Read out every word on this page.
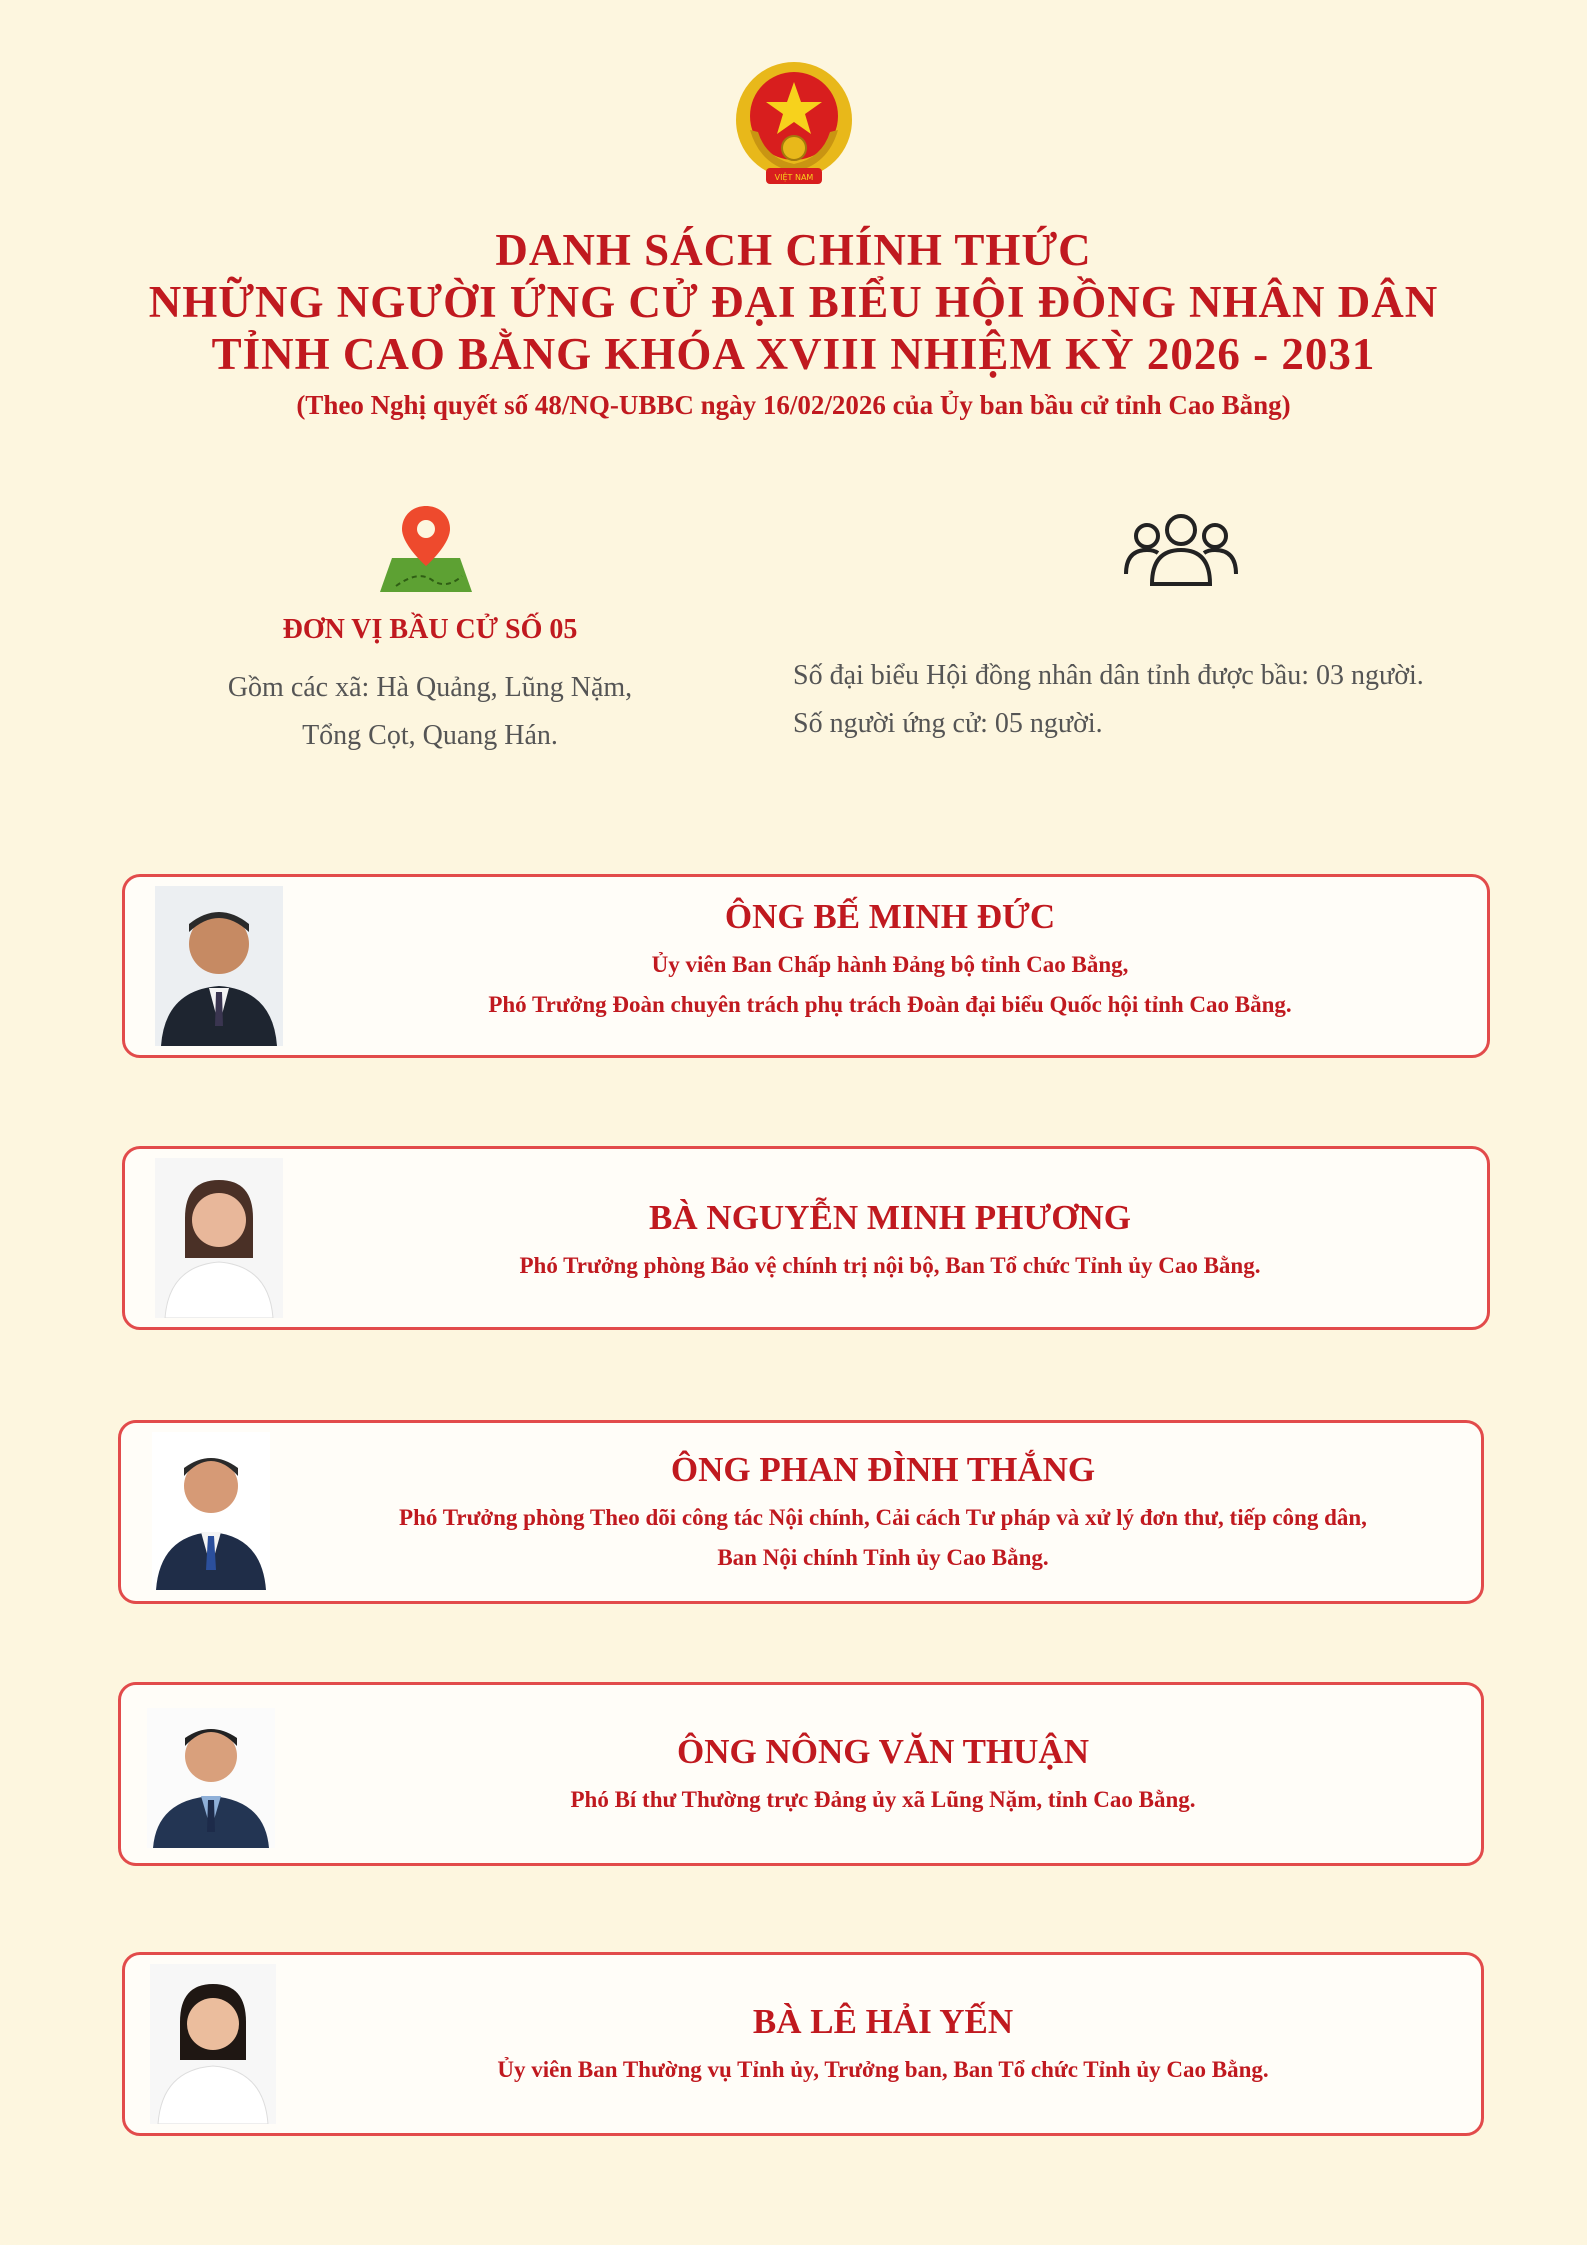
VIỆT NAM
DANH SÁCH CHÍNH THỨC
NHỮNG NGƯỜI ỨNG CỬ ĐẠI BIỂU HỘI ĐỒNG NHÂN DÂN
TỈNH CAO BẰNG KHÓA XVIII NHIỆM KỲ 2026 - 2031
(Theo Nghị quyết số 48/NQ-UBBC ngày 16/02/2026 của Ủy ban bầu cử tỉnh Cao Bằng)
ĐƠN VỊ BẦU CỬ SỐ 05
Gồm các xã: Hà Quảng, Lũng Nặm,
Tổng Cọt, Quang Hán.
Số đại biểu Hội đồng nhân dân tỉnh được bầu: 03 người.
Số người ứng cử: 05 người.
ÔNG BẾ MINH ĐỨC
Ủy viên Ban Chấp hành Đảng bộ tỉnh Cao Bằng,
Phó Trưởng Đoàn chuyên trách phụ trách Đoàn đại biểu Quốc hội tỉnh Cao Bằng.
BÀ NGUYỄN MINH PHƯƠNG
Phó Trưởng phòng Bảo vệ chính trị nội bộ, Ban Tổ chức Tỉnh ủy Cao Bằng.
ÔNG PHAN ĐÌNH THẮNG
Phó Trưởng phòng Theo dõi công tác Nội chính, Cải cách Tư pháp và xử lý đơn thư, tiếp công dân,
Ban Nội chính Tỉnh ủy Cao Bằng.
ÔNG NÔNG VĂN THUẬN
Phó Bí thư Thường trực Đảng ủy xã Lũng Nặm, tỉnh Cao Bằng.
BÀ LÊ HẢI YẾN
Ủy viên Ban Thường vụ Tỉnh ủy, Trưởng ban, Ban Tổ chức Tỉnh ủy Cao Bằng.
